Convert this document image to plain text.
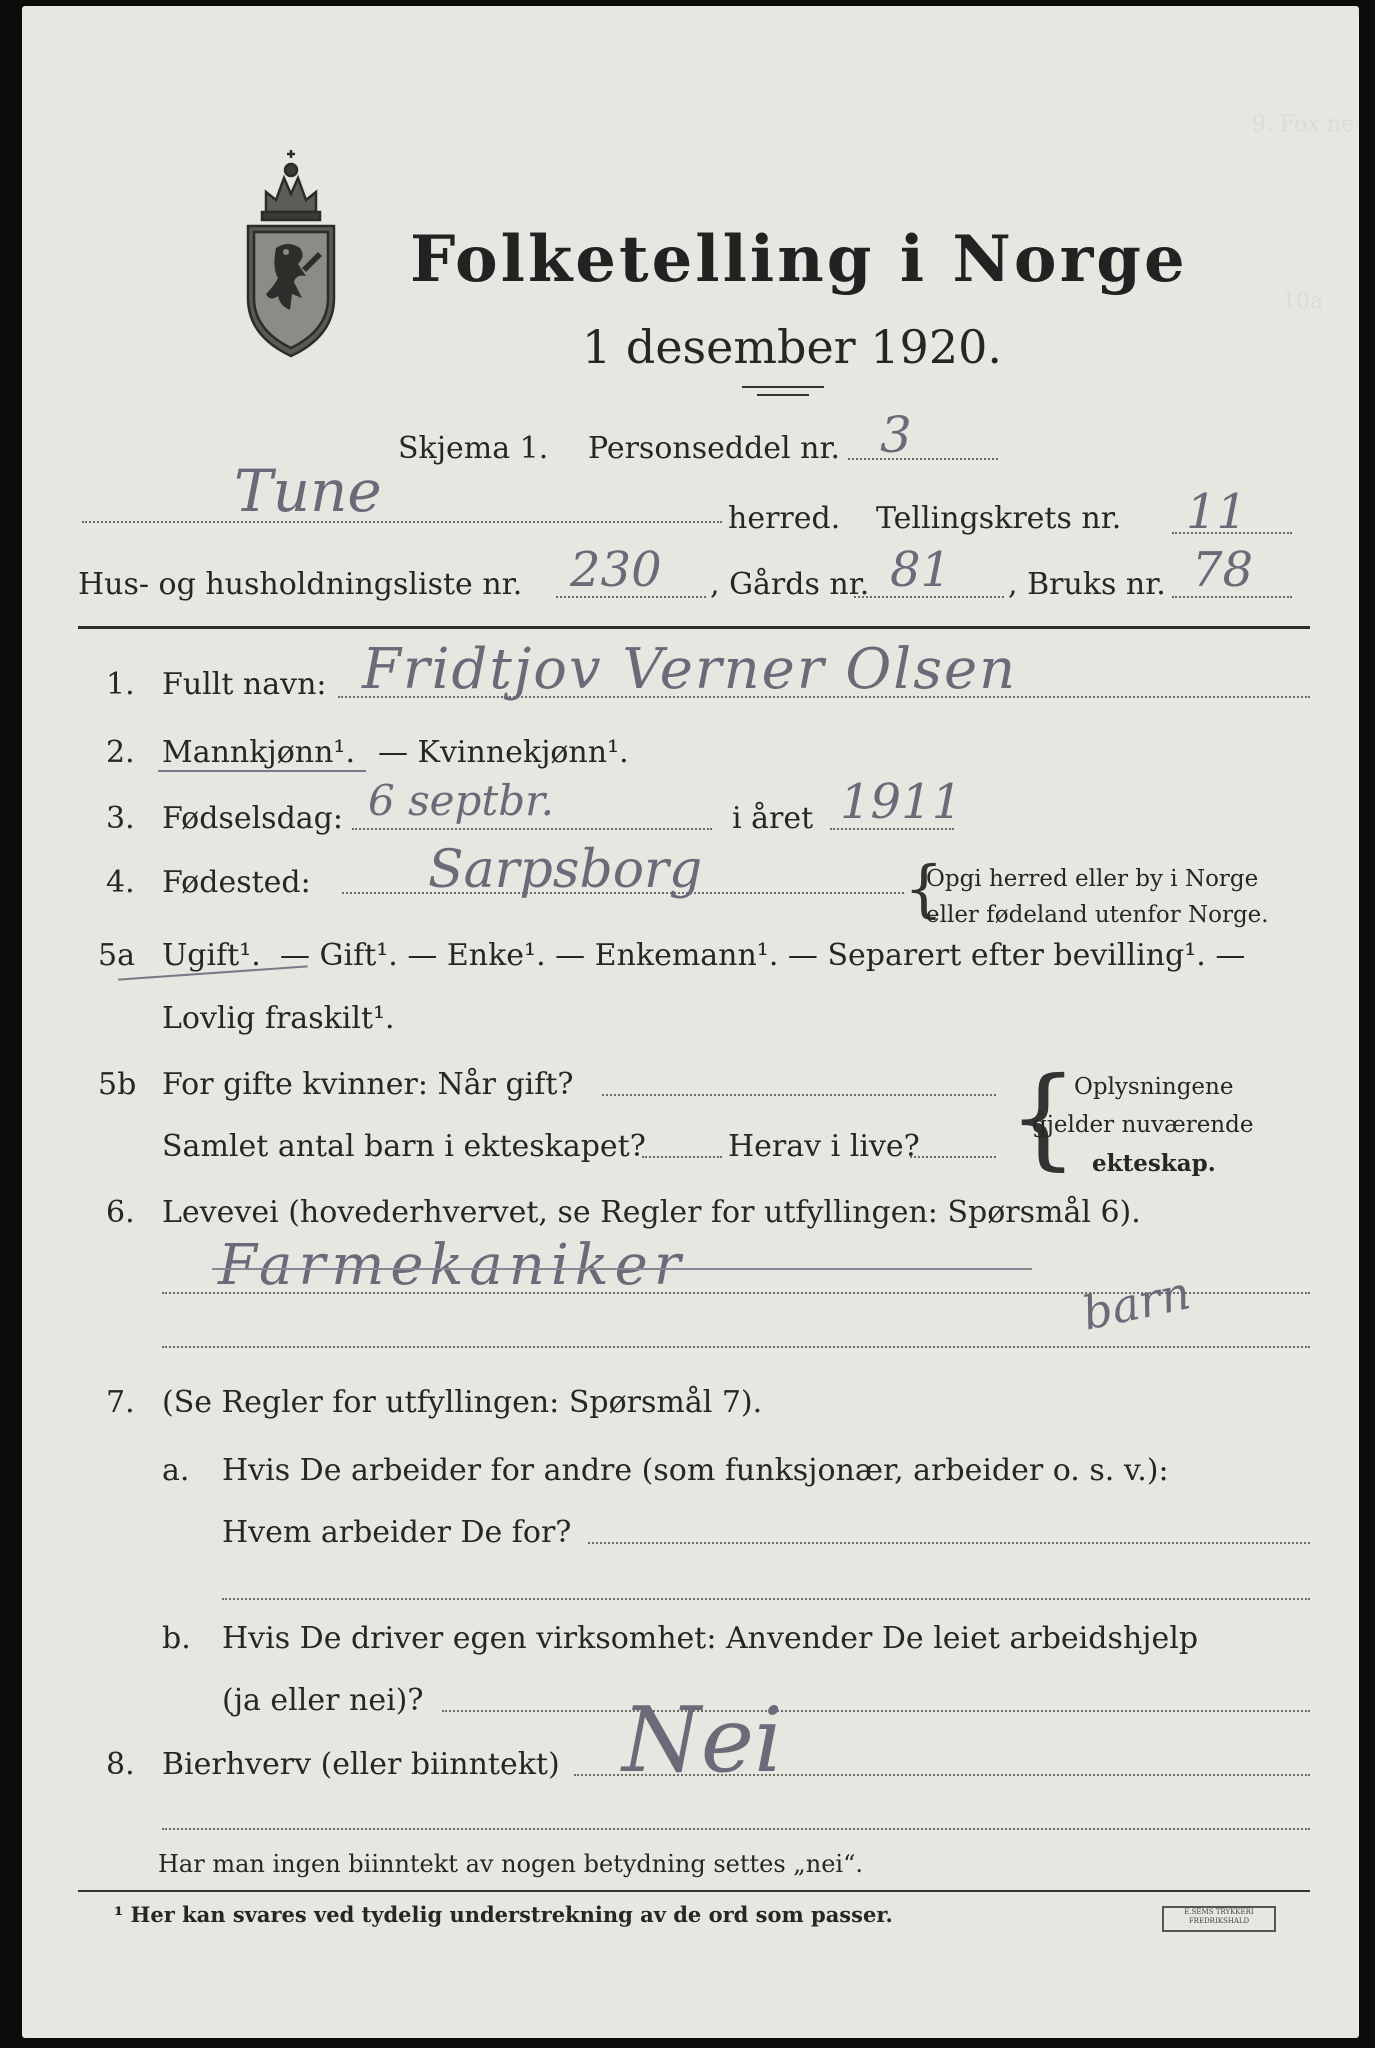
9. Fox ne
10a
Folketelling i Norge
1 desember 1920.
Skjema 1. Personseddel nr. 3
Tune	herred. Tellingskrets nr. 11
Hus- og husholdningsliste nr. 230 , Gårds nr. 81 , Bruks nr. 78
1. Fullt navn: Fridtjov Verner Olsen
2. Mannkjønn¹. — Kvinnekjønn¹.
3. Fødselsdag: 6 septbr.	i året 1911
4. Fødested: Sarpsborg	{
Opgi herred eller by i Norge
eller fødeland utenfor Norge.
5a Ugift¹. — Gift¹. — Enke¹. — Enkemann¹. — Separert efter bevilling¹. —
Lovlig fraskilt¹.
5b For gifte kvinner: Når gift?
Samlet antal barn i ekteskapet?	Herav i live? {
Oplysningene
gjelder nuværende
ekteskap.
6. Levevei (hovederhvervet, se Regler for utfyllingen: Spørsmål 6).
Farmekaniker	barn
7. (Se Regler for utfyllingen: Spørsmål 7).
a. Hvis De arbeider for andre (som funksjonær, arbeider o. s. v.):
Hvem arbeider De for?
b. Hvis De driver egen virksomhet: Anvender De leiet arbeidshjelp
(ja eller nei)? Nei
8. Bierhverv (eller biinntekt)
Har man ingen biinntekt av nogen betydning settes „nei“.
¹ Her kan svares ved tydelig understrekning av de ord som passer.	E.SEMS TRYKKERI FREDRIKSHALD
